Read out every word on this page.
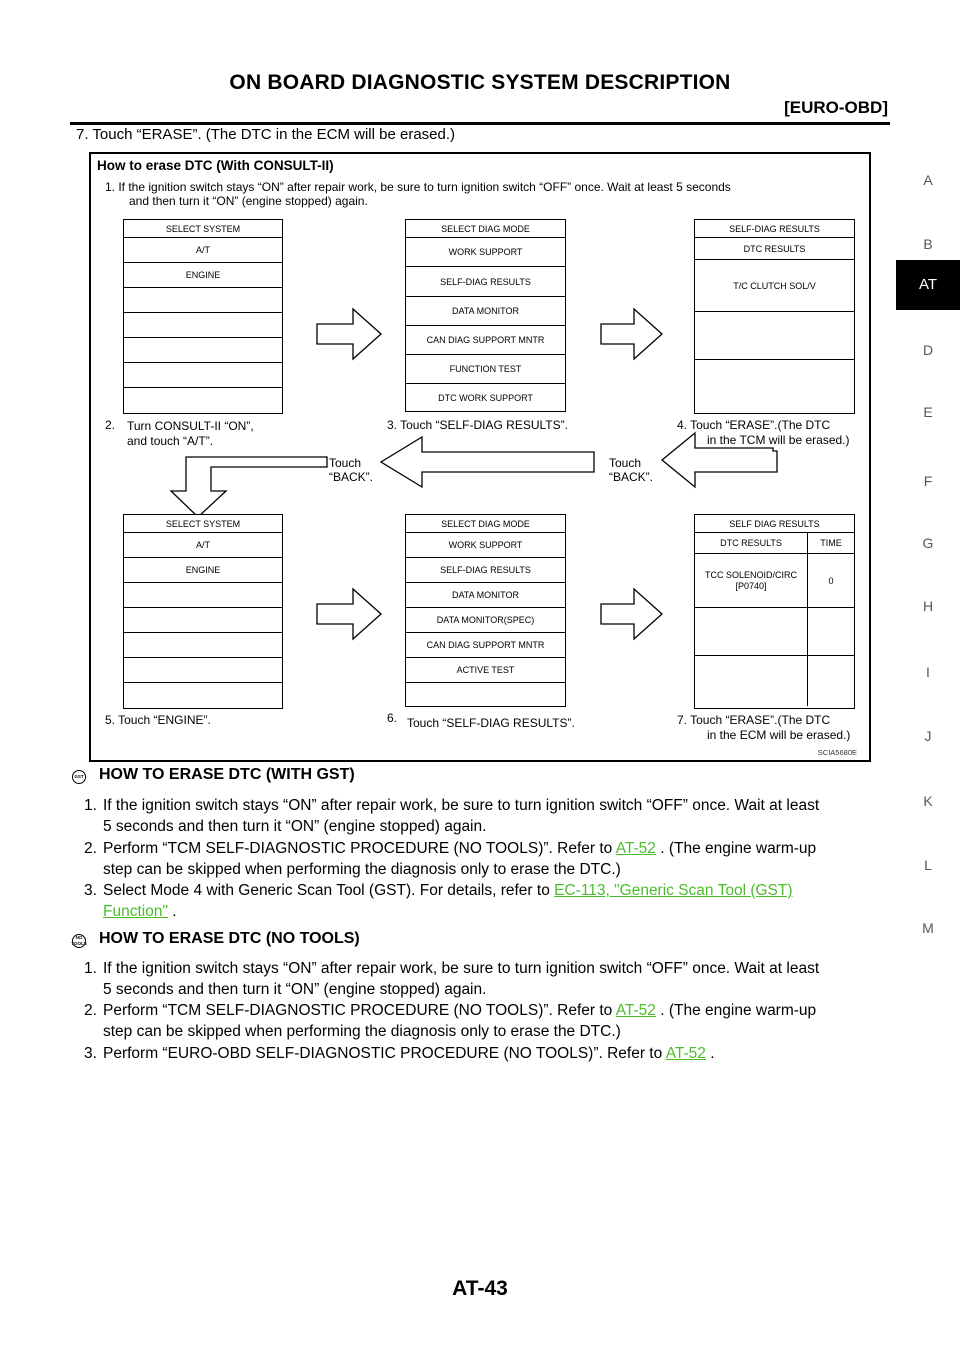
ON BOARD DIAGNOSTIC SYSTEM DESCRIPTION
[EURO-OBD]
A
B
AT
D
E
F
G
H
I
J
K
L
M
7. Touch “ERASE”. (The DTC in the ECM will be erased.)
How to erase DTC (With CONSULT-II)
1. If the ignition switch stays “ON” after repair work, be sure to turn ignition switch “OFF” once. Wait at least 5 seconds
and then turn it “ON” (engine stopped) again.
SELECT SYSTEM
A/T
ENGINE
SELECT DIAG MODE
WORK SUPPORT
SELF-DIAG RESULTS
DATA MONITOR
CAN DIAG SUPPORT MNTR
FUNCTION TEST
DTC WORK SUPPORT
SELF-DIAG RESULTS
DTC RESULTS
T/C CLUTCH SOL/V
2. Turn CONSULT-II “ON”,
and touch “A/T”.
3. Touch “SELF-DIAG RESULTS”.	4. Touch “ERASE”.(The DTC
in the TCM will be erased.)
Touch
“BACK”.
Touch
“BACK”.
SELECT SYSTEM
A/T
ENGINE
SELECT DIAG MODE
WORK SUPPORT
SELF-DIAG RESULTS
DATA MONITOR
DATA MONITOR(SPEC)
CAN DIAG SUPPORT MNTR
ACTIVE TEST
SELF DIAG RESULTS
DTC RESULTS	TIME
TCC SOLENOID/CIRC
[P0740]	0
5. Touch “ENGINE”.	6. Touch “SELF-DIAG RESULTS”.	7. Touch “ERASE”.(The DTC
in the ECM will be erased.)
SCIA5680E
GST HOW TO ERASE DTC (WITH GST)
1. If the ignition switch stays “ON” after repair work, be sure to turn ignition switch “OFF” once. Wait at least
5 seconds and then turn it “ON” (engine stopped) again.
2. Perform “TCM SELF-DIAGNOSTIC PROCEDURE (NO TOOLS)”. Refer to AT-52 . (The engine warm-up
step can be skipped when performing the diagnosis only to erase the DTC.)
3. Select Mode 4 with Generic Scan Tool (GST). For details, refer to EC-113, "Generic Scan Tool (GST)
Function" .
NO
TOOLS HOW TO ERASE DTC (NO TOOLS)
1. If the ignition switch stays “ON” after repair work, be sure to turn ignition switch “OFF” once. Wait at least
5 seconds and then turn it “ON” (engine stopped) again.
2. Perform “TCM SELF-DIAGNOSTIC PROCEDURE (NO TOOLS)”. Refer to AT-52 . (The engine warm-up
step can be skipped when performing the diagnosis only to erase the DTC.)
3. Perform “EURO-OBD SELF-DIAGNOSTIC PROCEDURE (NO TOOLS)”. Refer to AT-52 .
AT-43
